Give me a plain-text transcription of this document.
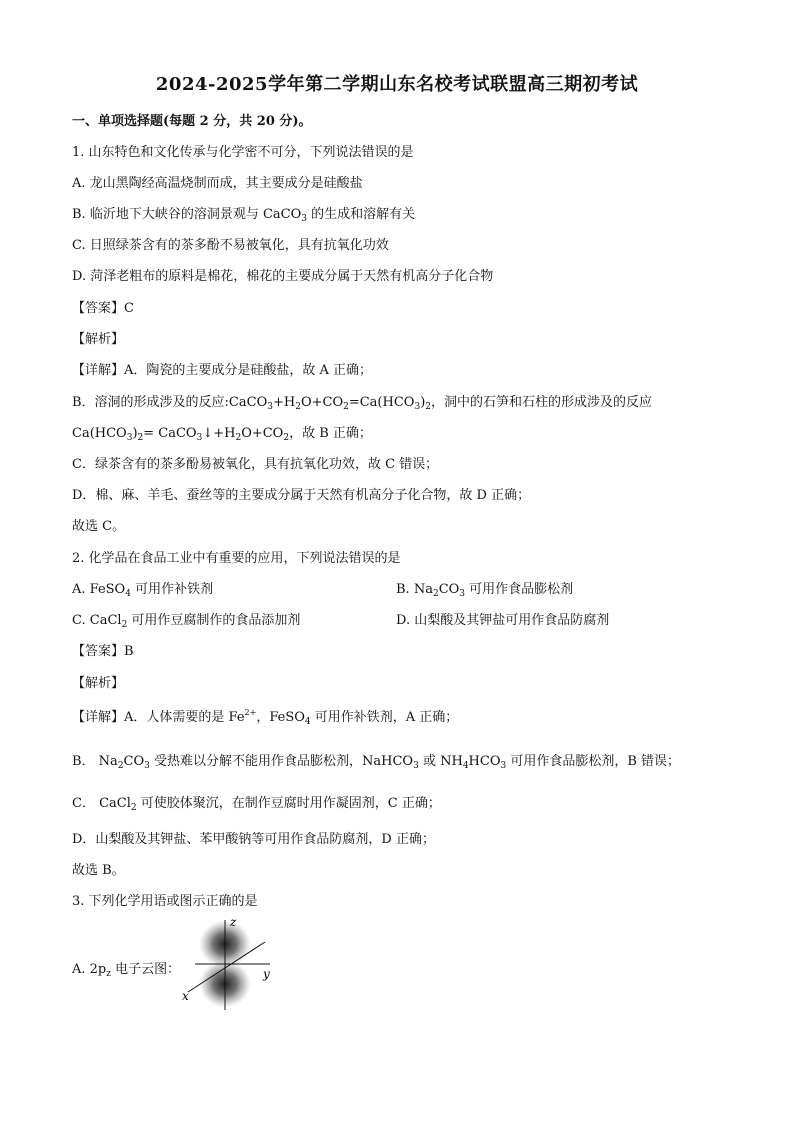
2024-2025学年第二学期山东名校考试联盟高三期初考试
一、单项选择题(每题 2 分，共 20 分)。
1. 山东特色和文化传承与化学密不可分，下列说法错误的是
A. 龙山黑陶经高温烧制而成，其主要成分是硅酸盐
B. 临沂地下大峡谷的溶洞景观与 CaCO$_3$ 的生成和溶解有关
C. 日照绿茶含有的茶多酚不易被氧化，具有抗氧化功效
D. 菏泽老粗布的原料是棉花，棉花的主要成分属于天然有机高分子化合物
【答案】C
【解析】
【详解】A．陶瓷的主要成分是硅酸盐，故 A 正确；
B．溶洞的形成涉及的反应$:CaCO_3+H_2O+CO_2=Ca(HCO_3)_2$，洞中的石笋和石柱的形成涉及的反应
$Ca(HCO_3)_2=$ $CaCO_3↓+H_2O+CO_2$，故 B 正确；
C．绿茶含有的茶多酚易被氧化，具有抗氧化功效，故 C 错误；
D．棉、麻、羊毛、蚕丝等的主要成分属于天然有机高分子化合物，故 D 正确；
故选 C。
2. 化学品在食品工业中有重要的应用，下列说法错误的是
A. FeSO$_4$ 可用作补铁剂	B. $Na_2CO_3$ 可用作食品膨松剂
C. CaCl$_2$ 可用作豆腐制作的食品添加剂	D. 山梨酸及其钾盐可用作食品防腐剂
【答案】B
【解析】
【详解】A．人体需要的是 $Fe^{2+}$，FeSO$_4$ 可用作补铁剂，A 正确；
B． $Na_2CO_3$ 受热难以分解不能用作食品膨松剂，NaHCO$_3$ 或 $NH_4HCO_3$ 可用作食品膨松剂，B 错误；
C． CaCl$_2$ 可使胶体聚沉，在制作豆腐时用作凝固剂，C 正确；
D．山梨酸及其钾盐、苯甲酸钠等可用作食品防腐剂，D 正确；
故选 B。
3. 下列化学用语或图示正确的是
A. $2p_z$ 电子云图：
z
y
x
